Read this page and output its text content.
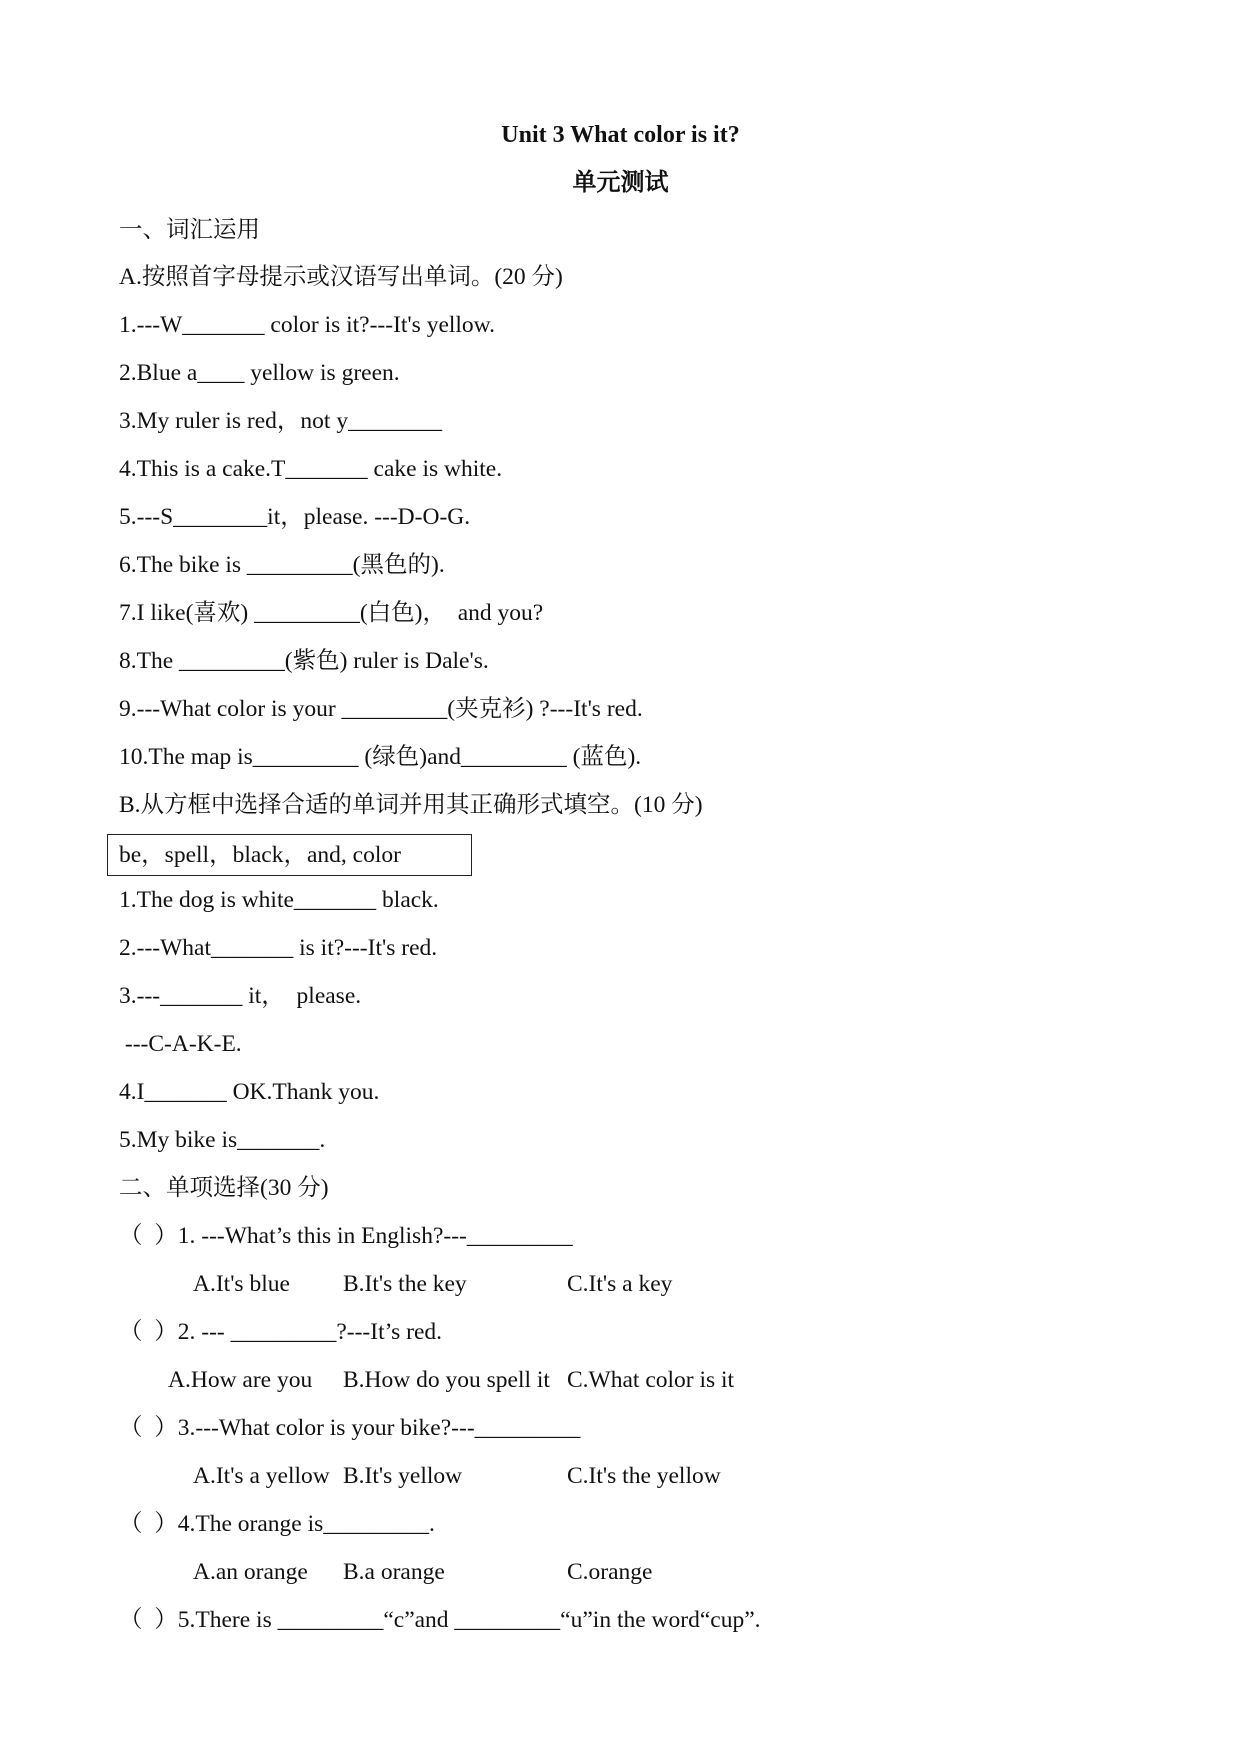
Unit 3 What color is it?
单元测试
一、词汇运用
A.按照首字母提示或汉语写出单词。(20 分)
1.---W_______ color is it?---It's yellow.
2.Blue a____ yellow is green.
3.My ruler is red，not y________
4.This is a cake.T_______ cake is white.
5.---S________it，please. ---D-O-G.
6.The bike is _________(黑色的).
7.I like(喜欢) _________(白色)，  and you?
8.The _________(紫色) ruler is Dale's.
9.---What color is your _________(夹克衫) ?---It's red.
10.The map is_________ (绿色)and_________ (蓝色).
B.从方框中选择合适的单词并用其正确形式填空。(10 分)
be，spell，black，and, color
1.The dog is white_______ black.
2.---What_______ is it?---It's red.
3.---_______ it，  please.
---C-A-K-E.
4.I_______ OK.Thank you.
5.My bike is_______.
二、单项选择(30 分)
（  ）1. ---What’s this in English?---_________
A.It's blue B.It's the key	C.It's a key
（  ）2. --- _________?---It’s red.
A.How are you B.How do you spell it C.What color is it
（  ）3.---What color is your bike?---_________
A.It's a yellow B.It's yellow	C.It's the yellow
（  ）4.The orange is_________.
A.an orange B.a orange	C.orange
（  ）5.There is _________“c”and _________“u”in the word“cup”.
